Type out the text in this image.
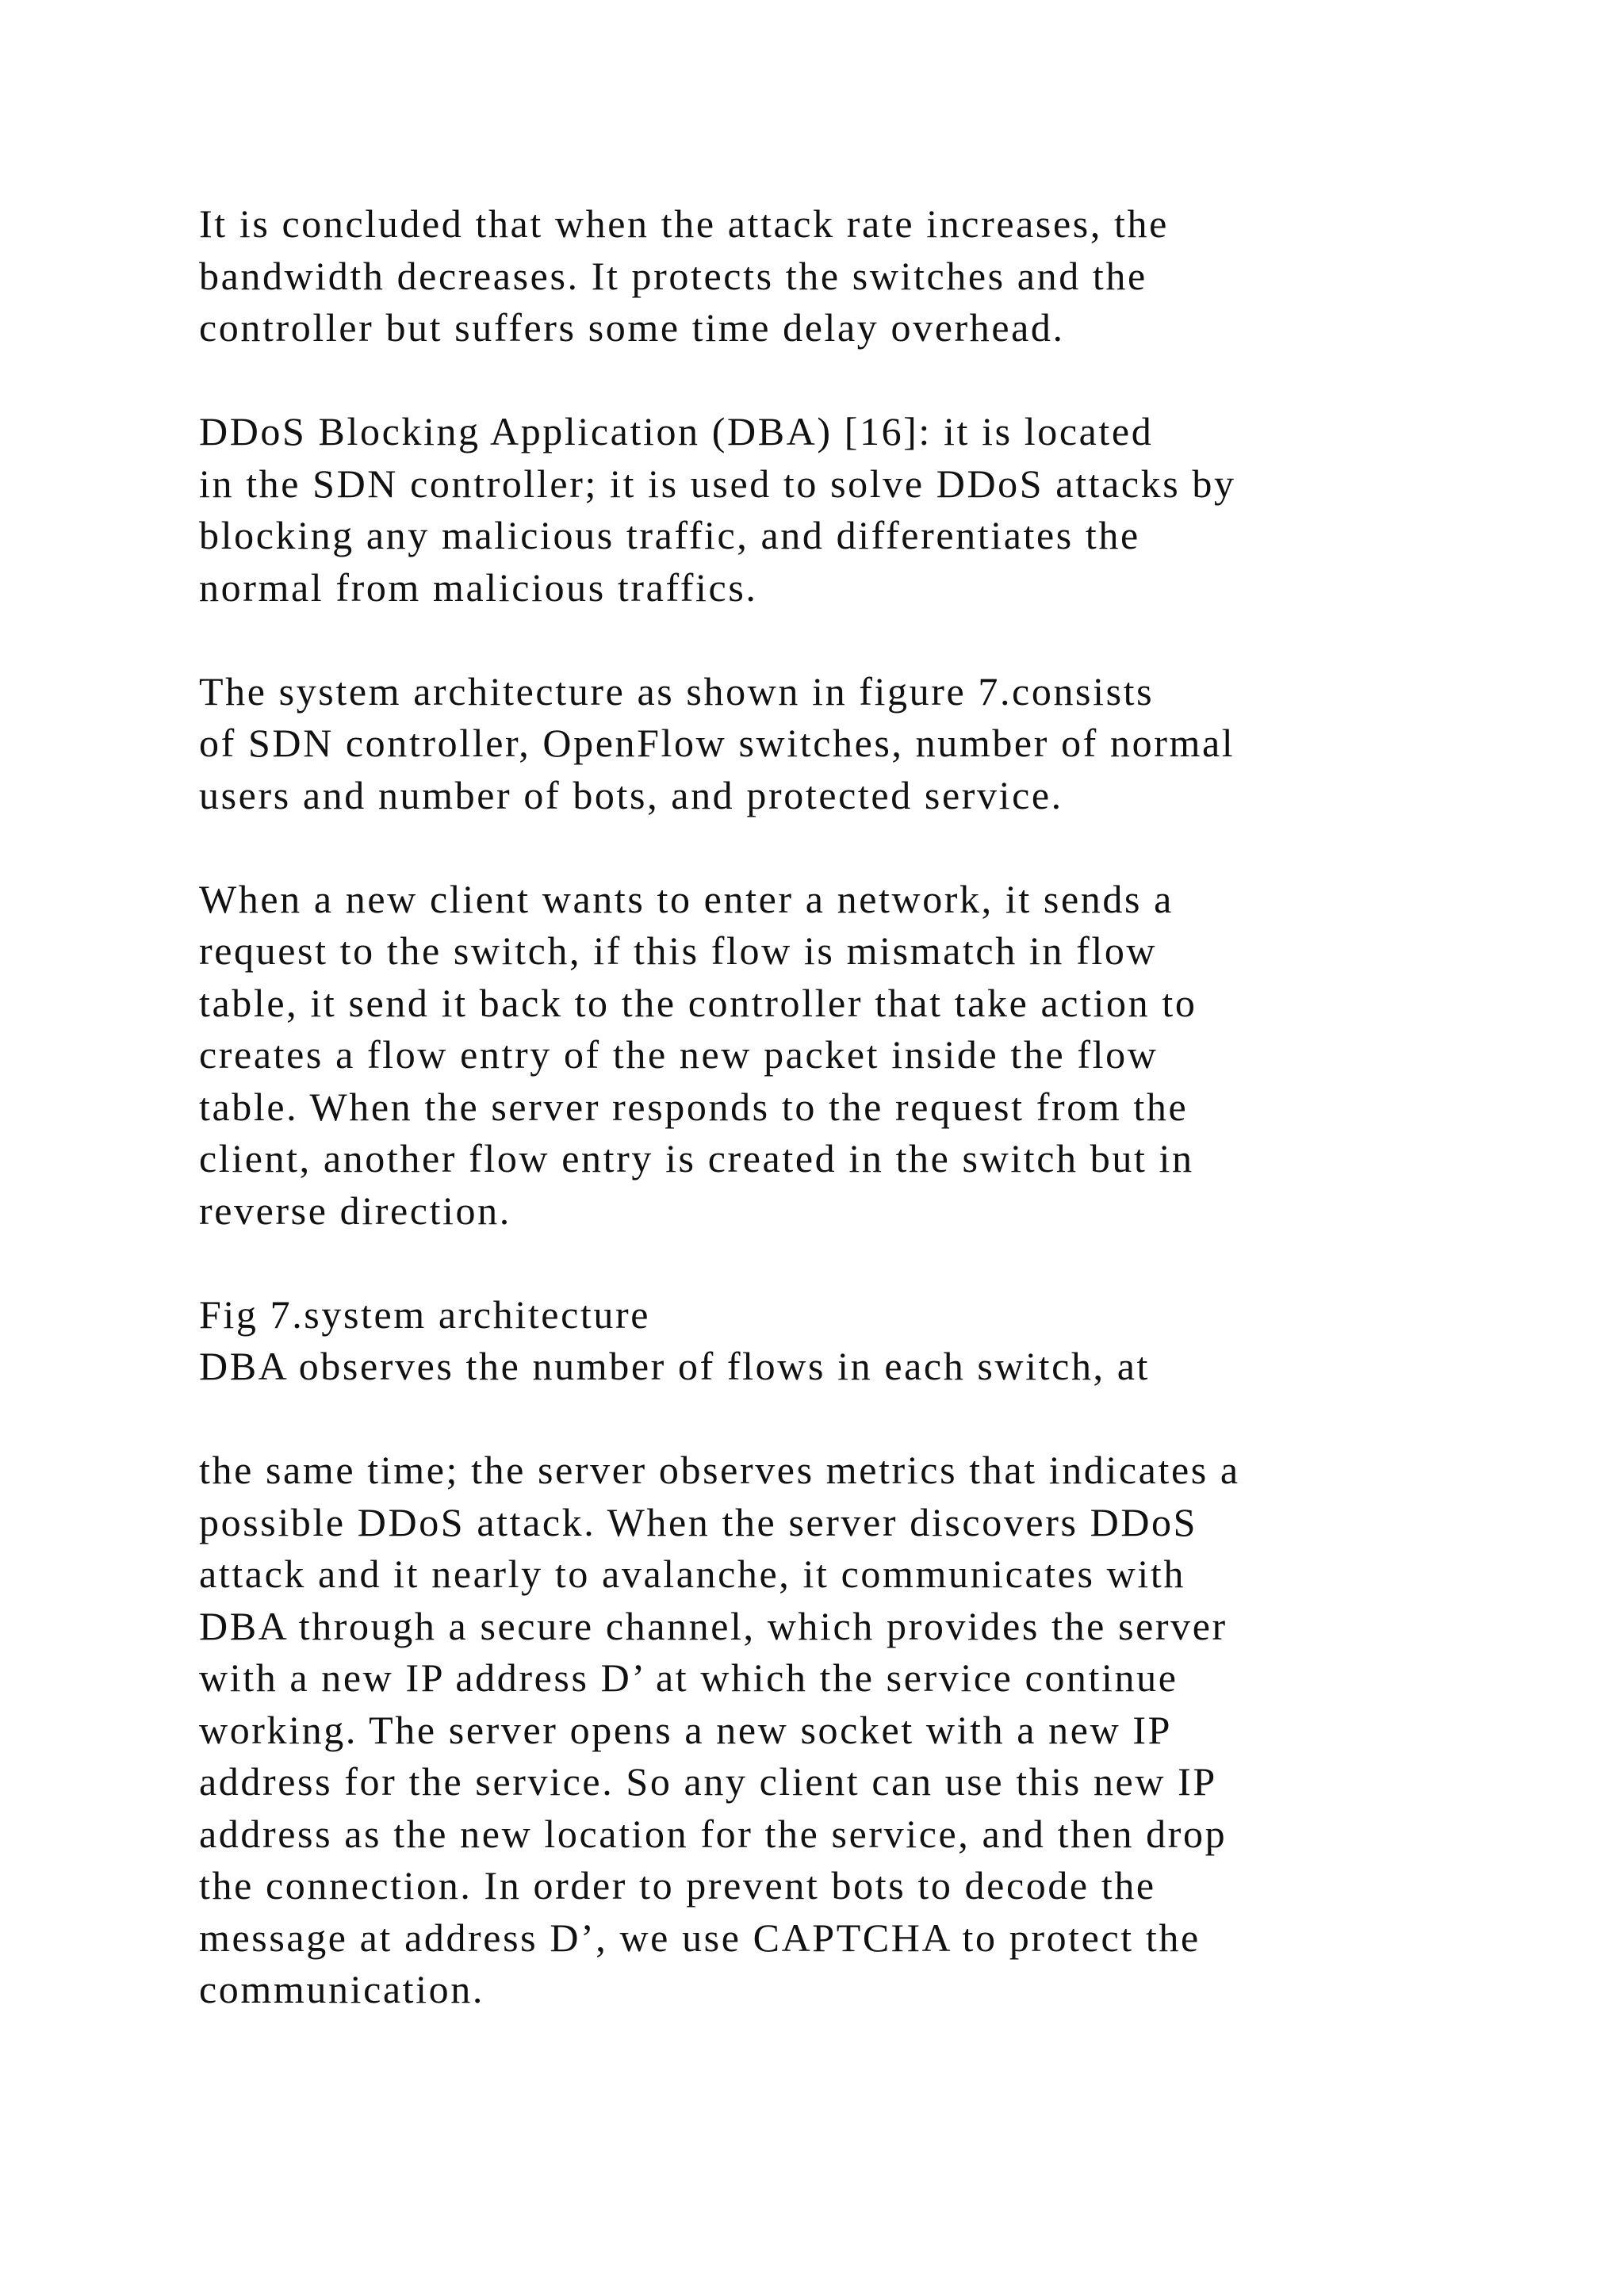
It is concluded that when the attack rate increases, the
bandwidth decreases. It protects the switches and the
controller but suffers some time delay overhead.

DDoS Blocking Application (DBA) [16]: it is located
in the SDN controller; it is used to solve DDoS attacks by
blocking any malicious traffic, and differentiates the
normal from malicious traffics.

The system architecture as shown in figure 7.consists
of SDN controller, OpenFlow switches, number of normal
users and number of bots, and protected service.

When a new client wants to enter a network, it sends a
request to the switch, if this flow is mismatch in flow
table, it send it back to the controller that take action to
creates a flow entry of the new packet inside the flow
table. When the server responds to the request from the
client, another flow entry is created in the switch but in
reverse direction.

Fig 7.system architecture
DBA observes the number of flows in each switch, at

the same time; the server observes metrics that indicates a
possible DDoS attack. When the server discovers DDoS
attack and it nearly to avalanche, it communicates with
DBA through a secure channel, which provides the server
with a new IP address D’ at which the service continue
working. The server opens a new socket with a new IP
address for the service. So any client can use this new IP
address as the new location for the service, and then drop
the connection. In order to prevent bots to decode the
message at address D’, we use CAPTCHA to protect the
communication.
